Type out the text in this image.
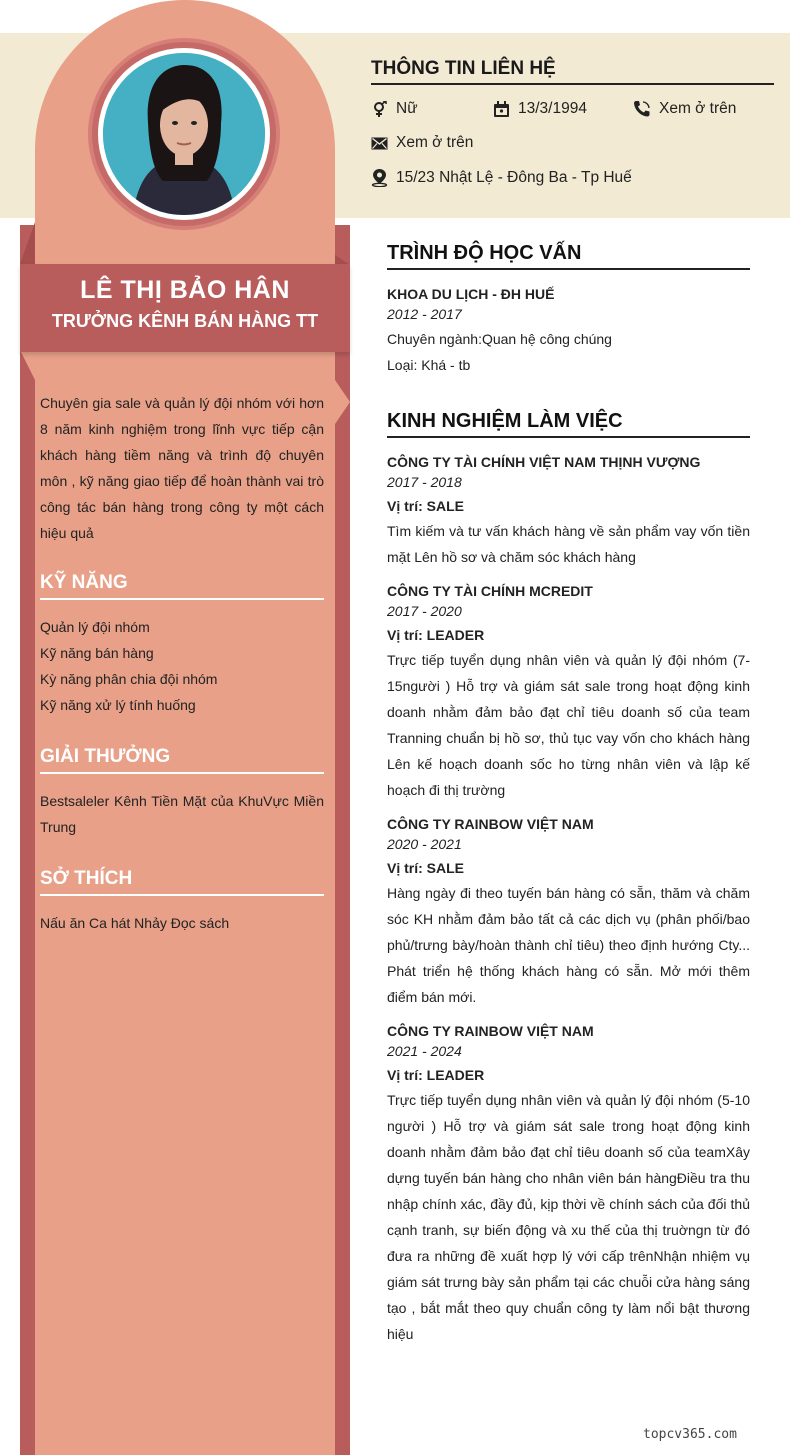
LÊ THỊ BẢO HÂN
TRƯỞNG KÊNH BÁN HÀNG TT
Chuyên gia sale và quản lý đội nhóm với hơn 8 năm kinh nghiệm trong lĩnh vực tiếp cận khách hàng tiềm năng và trình độ chuyên môn , kỹ năng giao tiếp để hoàn thành vai trò công tác bán hàng trong công ty một cách hiệu quả
KỸ NĂNG
Quản lý đội nhóm
Kỹ năng bán hàng
Kỳ năng phân chia đội nhóm
Kỹ năng xử lý tính huống
GIẢI THƯỞNG
Bestsaleler Kênh Tiền Mặt của KhuVực Miền Trung
SỞ THÍCH
Nấu ăn Ca hát Nhảy Đọc sách
THÔNG TIN LIÊN HỆ
Nữ	13/3/1994	Xem ở trên
Xem ở trên
15/23 Nhật Lệ - Đông Ba - Tp Huế
TRÌNH ĐỘ HỌC VẤN
KHOA DU LỊCH - ĐH HUẾ
2012 - 2017
Chuyên ngành:Quan hệ công chúng
Loại: Khá - tb
KINH NGHIỆM LÀM VIỆC
CÔNG TY TÀI CHÍNH VIỆT NAM THỊNH VƯỢNG
2017 - 2018
Vị trí: SALE
Tìm kiếm và tư vấn khách hàng về sản phẩm vay vốn tiền mặt Lên hồ sơ và chăm sóc khách hàng
CÔNG TY TÀI CHÍNH MCREDIT
2017 - 2020
Vị trí: LEADER
Trực tiếp tuyển dụng nhân viên và quản lý đội nhóm (7-15người ) Hỗ trợ và giám sát sale trong hoạt động kinh doanh nhằm đảm bảo đạt chỉ tiêu doanh số của team Tranning chuẩn bị hồ sơ, thủ tục vay vốn cho khách hàng Lên kế hoạch doanh sốc ho từng nhân viên và lập kế hoạch đi thị trường
CÔNG TY RAINBOW VIỆT NAM
2020 - 2021
Vị trí: SALE
Hàng ngày đi theo tuyến bán hàng có sẵn, thăm và chăm sóc KH nhằm đảm bảo tất cả các dịch vụ (phân phối/bao phủ/trưng bày/hoàn thành chỉ tiêu) theo định hướng Cty... Phát triển hệ thống khách hàng có sẵn. Mở mới thêm điểm bán mới.
CÔNG TY RAINBOW VIỆT NAM
2021 - 2024
Vị trí: LEADER
Trực tiếp tuyển dụng nhân viên và quản lý đội nhóm (5-10 người ) Hỗ trợ và giám sát sale trong hoạt động kinh doanh nhằm đảm bảo đạt chỉ tiêu doanh số của teamXây dựng tuyến bán hàng cho nhân viên bán hàngĐiều tra thu nhập chính xác, đầy đủ, kịp thời về chính sách của đối thủ cạnh tranh, sự biến động và xu thế của thị truờngn từ đó đưa ra những đề xuất hợp lý với cấp trênNhận nhiệm vụ giám sát trưng bày sản phẩm tại các chuỗi cửa hàng sáng tạo , bắt mắt theo quy chuẩn công ty làm nổi bật thương hiệu
topcv365.com
